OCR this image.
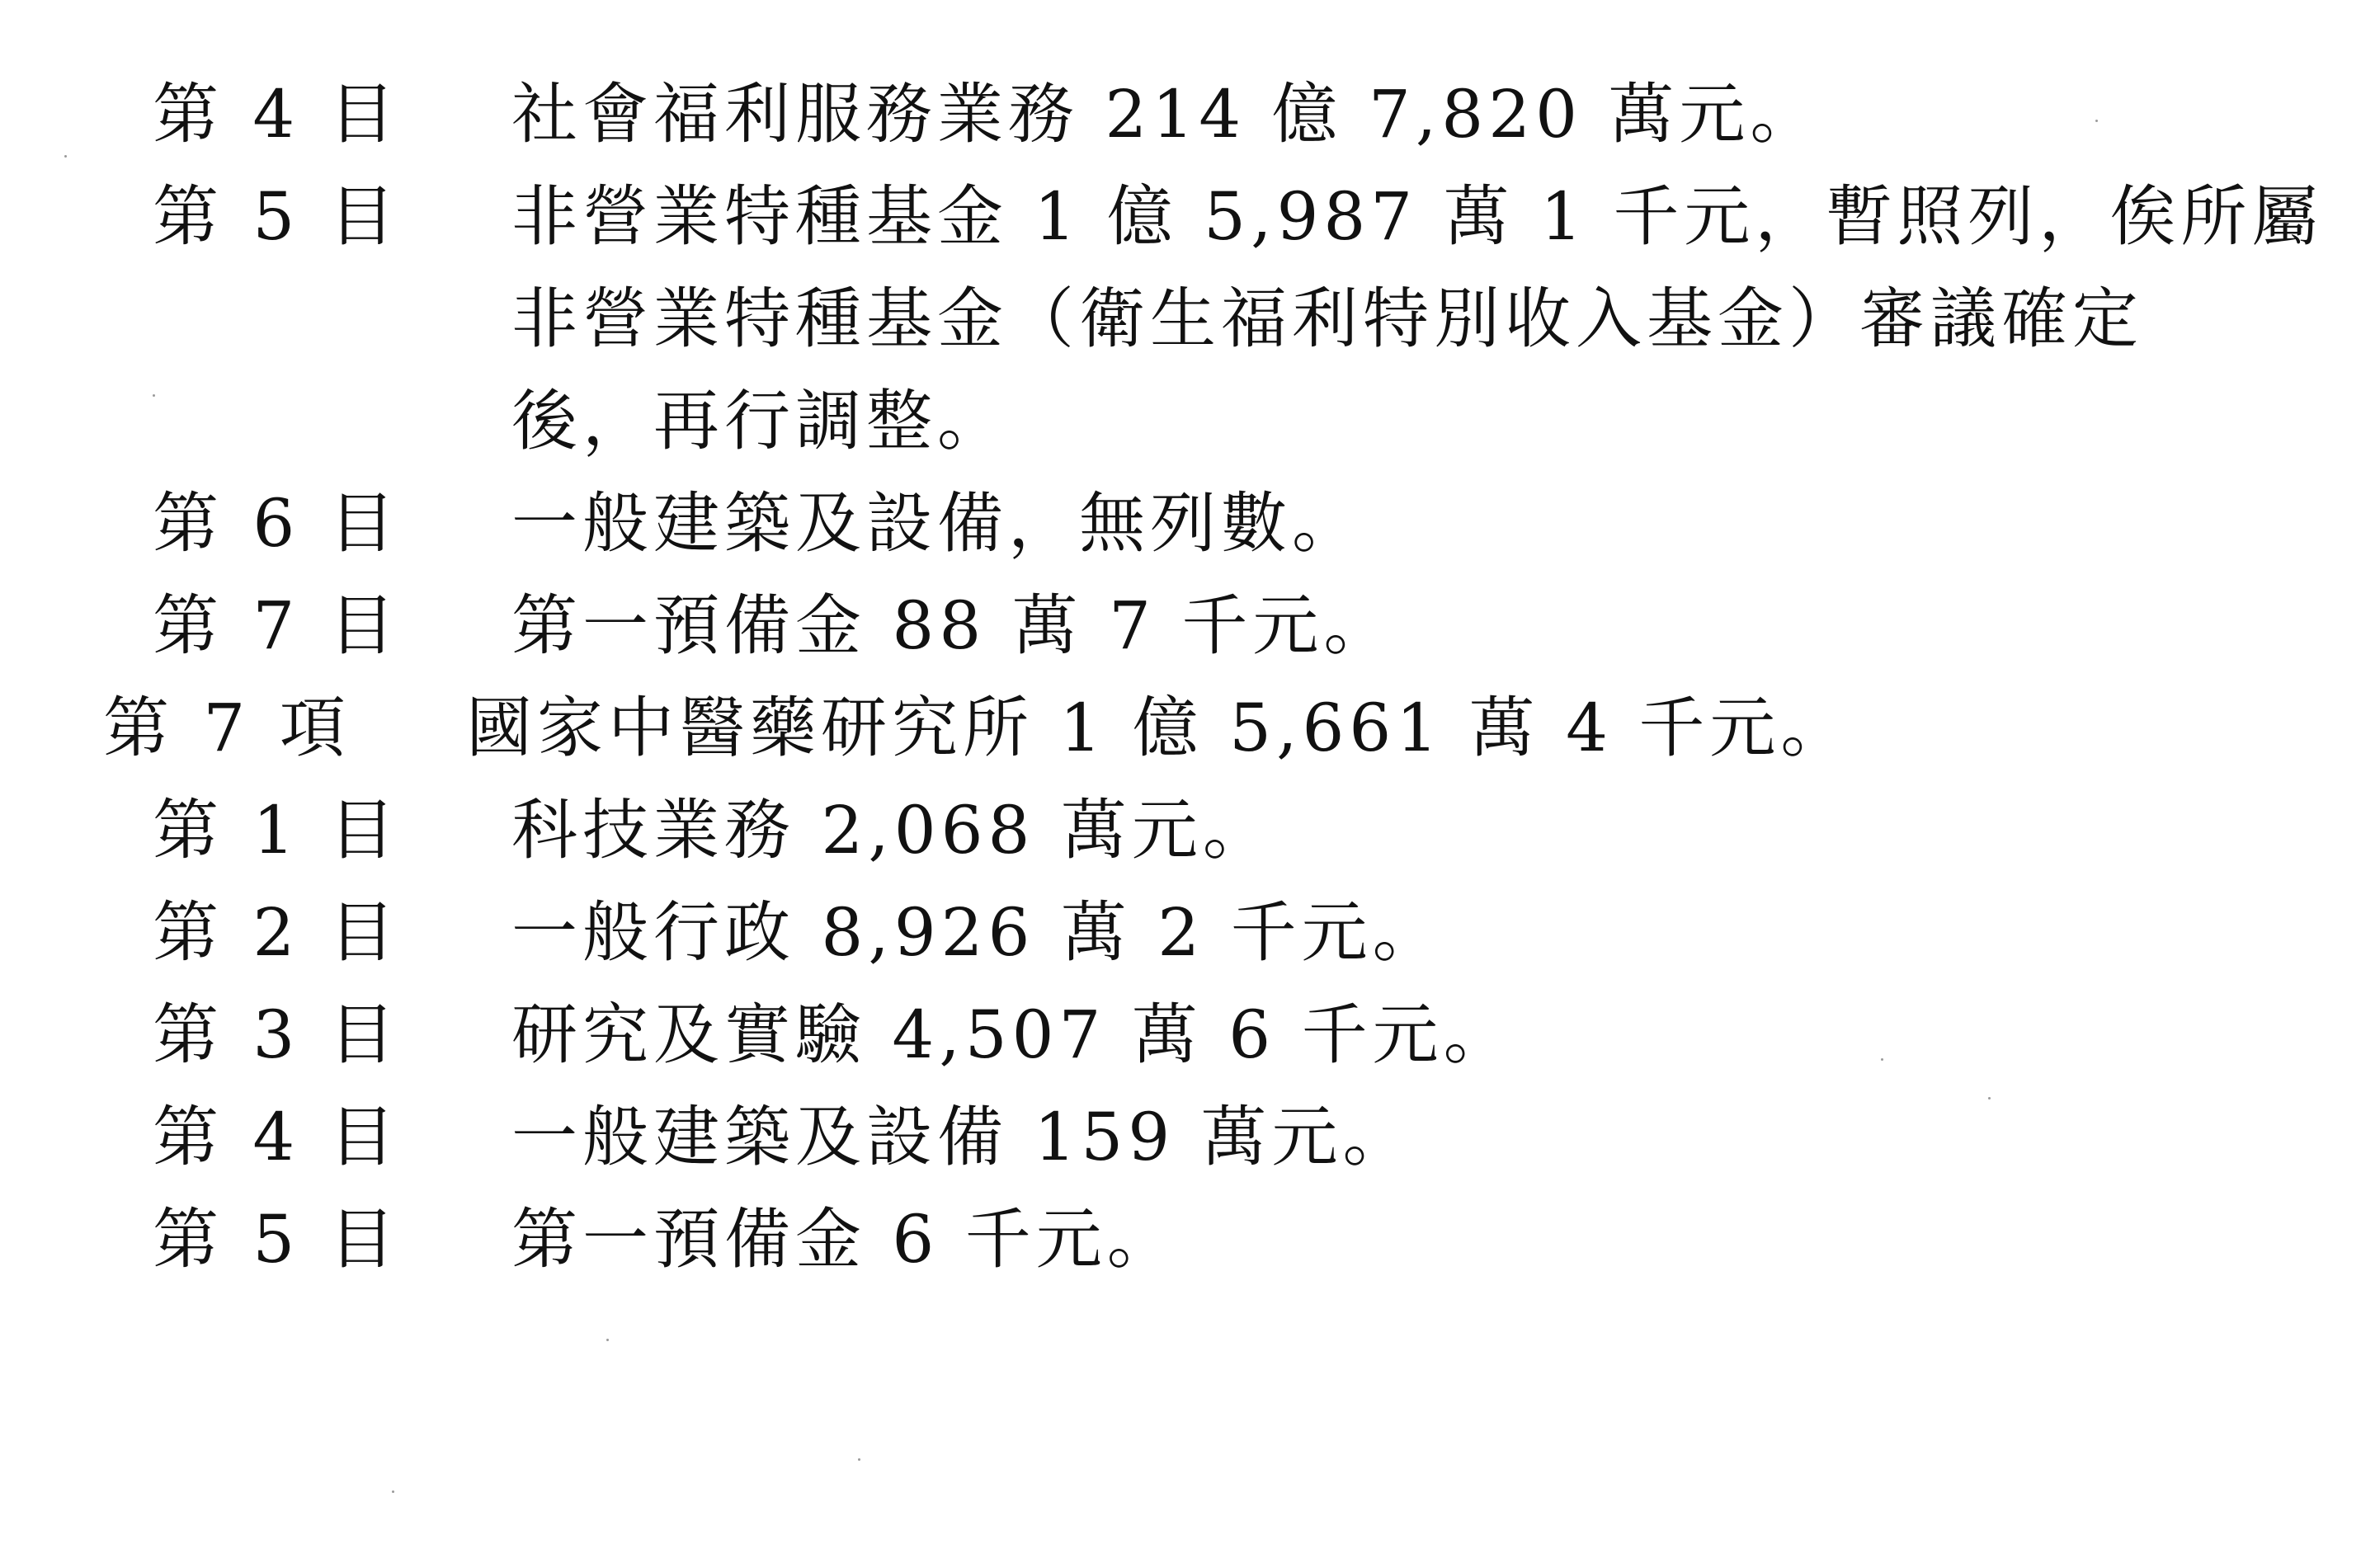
第 4 目 社會福利服務業務 214 億 7,820 萬元。
第 5 目 非營業特種基金 1 億 5,987 萬 1 千元，暫照列，俟所屬
非營業特種基金（衛生福利特別收入基金）審議確定
後，再行調整。
第 6 目 一般建築及設備，無列數。
第 7 目 第一預備金 88 萬 7 千元。
第 7 項 國家中醫藥研究所 1 億 5,661 萬 4 千元。
第 1 目 科技業務 2,068 萬元。
第 2 目 一般行政 8,926 萬 2 千元。
第 3 目 研究及實驗 4,507 萬 6 千元。
第 4 目 一般建築及設備 159 萬元。
第 5 目 第一預備金 6 千元。
